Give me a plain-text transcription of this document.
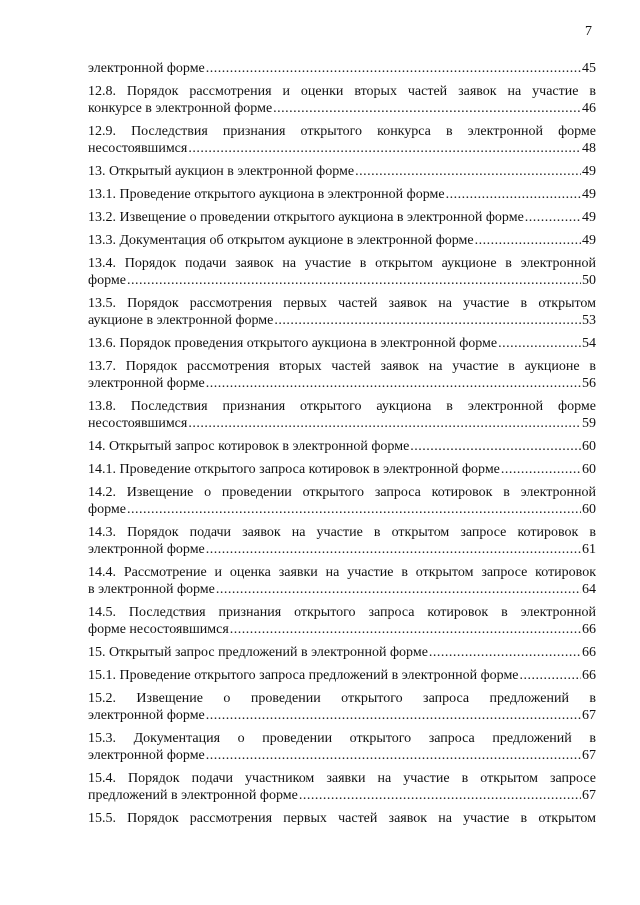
7
электронной форме .....	45
12.8. Порядок рассмотрения и оценки вторых частей заявок на участие в
конкурсе в электронной форме .....	46
12.9. Последствия признания открытого конкурса в электронной форме
несостоявшимся .....	48
13. Открытый аукцион в электронной форме .....	49
13.1. Проведение открытого аукциона в электронной форме .....	49
13.2. Извещение о проведении открытого аукциона в электронной форме .....	49
13.3. Документация об открытом аукционе в электронной форме .....	49
13.4. Порядок подачи заявок на участие в открытом аукционе в электронной
форме .....	50
13.5. Порядок рассмотрения первых частей заявок на участие в открытом
аукционе в электронной форме .....	53
13.6. Порядок проведения открытого аукциона в электронной форме .....	54
13.7. Порядок рассмотрения вторых частей заявок на участие в аукционе в
электронной форме .....	56
13.8. Последствия признания открытого аукциона в электронной форме
несостоявшимся .....	59
14. Открытый запрос котировок в электронной форме .....	60
14.1. Проведение открытого запроса котировок в электронной форме .....	60
14.2. Извещение о проведении открытого запроса котировок в электронной
форме .....	60
14.3. Порядок подачи заявок на участие в открытом запросе котировок в
электронной форме .....	61
14.4. Рассмотрение и оценка заявки на участие в открытом запросе котировок
в электронной форме .....	64
14.5. Последствия признания открытого запроса котировок в электронной
форме несостоявшимся .....	66
15. Открытый запрос предложений в электронной форме .....	66
15.1. Проведение открытого запроса предложений в электронной форме .....	66
15.2. Извещение о проведении открытого запроса предложений в
электронной форме .....	67
15.3. Документация о проведении открытого запроса предложений в
электронной форме .....	67
15.4. Порядок подачи участником заявки на участие в открытом запросе
предложений в электронной форме .....	67
15.5. Порядок рассмотрения первых частей заявок на участие в открытом
